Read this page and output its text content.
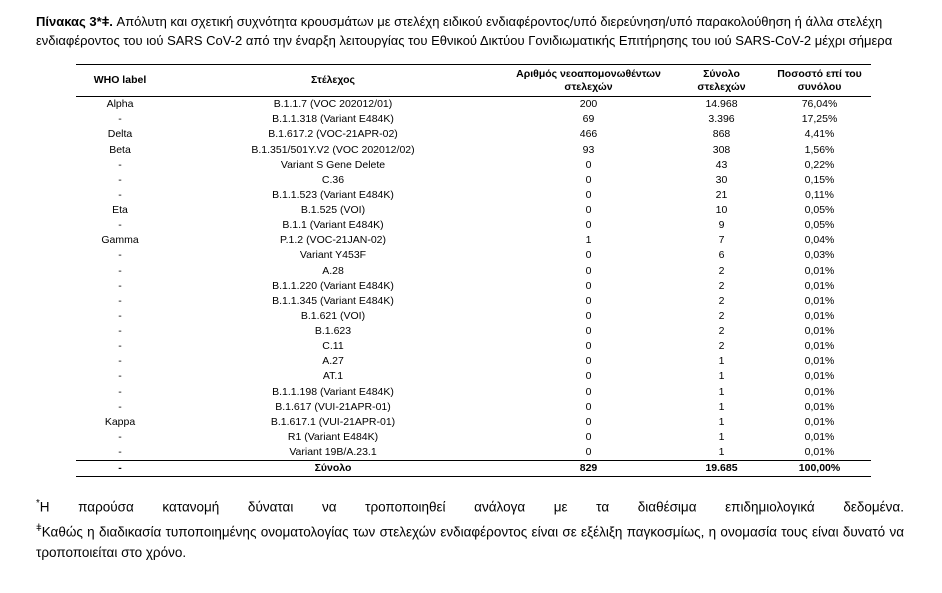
Πίνακας 3*ǂ. Απόλυτη και σχετική συχνότητα κρουσμάτων με στελέχη ειδικού ενδιαφέροντος/υπό διερεύνηση/υπό παρακολούθηση ή άλλα στελέχη ενδιαφέροντος του ιού SARS CoV-2 από την έναρξη λειτουργίας του Εθνικού Δικτύου Γονιδιωματικής Επιτήρησης του ιού SARS-CoV-2 μέχρι σήμερα

WHO label	Στέλεχος	Αριθμός νεοαπομονωθέντων στελεχών	Σύνολο στελεχών	Ποσοστό επί του συνόλου
Alpha	B.1.1.7 (VOC 202012/01)	200	14.968	76,04%
-	B.1.1.318 (Variant E484K)	69	3.396	17,25%
Delta	B.1.617.2 (VOC-21APR-02)	466	868	4,41%
Beta	B.1.351/501Y.V2 (VOC 202012/02)	93	308	1,56%
-	Variant S Gene Delete	0	43	0,22%
-	C.36	0	30	0,15%
-	B.1.1.523 (Variant E484K)	0	21	0,11%
Eta	B.1.525 (VOI)	0	10	0,05%
-	B.1.1 (Variant E484K)	0	9	0,05%
Gamma	P.1.2 (VOC-21JAN-02)	1	7	0,04%
-	Variant Y453F	0	6	0,03%
-	A.28	0	2	0,01%
-	B.1.1.220 (Variant E484K)	0	2	0,01%
-	B.1.1.345 (Variant E484K)	0	2	0,01%
-	B.1.621 (VOI)	0	2	0,01%
-	B.1.623	0	2	0,01%
-	C.11	0	2	0,01%
-	A.27	0	1	0,01%
-	AT.1	0	1	0,01%
-	B.1.1.198 (Variant E484K)	0	1	0,01%
-	B.1.617 (VUI-21APR-01)	0	1	0,01%
Kappa	B.1.617.1 (VUI-21APR-01)	0	1	0,01%
-	R1 (Variant E484K)	0	1	0,01%
-	Variant 19B/A.23.1	0	1	0,01%
-	Σύνολο	829	19.685	100,00%

*Η παρούσα κατανομή δύναται να τροποποιηθεί ανάλογα με τα διαθέσιμα επιδημιολογικά δεδομένα.

$^ǂ$Καθώς η διαδικασία τυποποιημένης ονοματολογίας των στελεχών ενδιαφέροντος είναι σε εξέλιξη παγκοσμίως, η ονομασία τους είναι δυνατό να τροποποιείται στο χρόνο.
